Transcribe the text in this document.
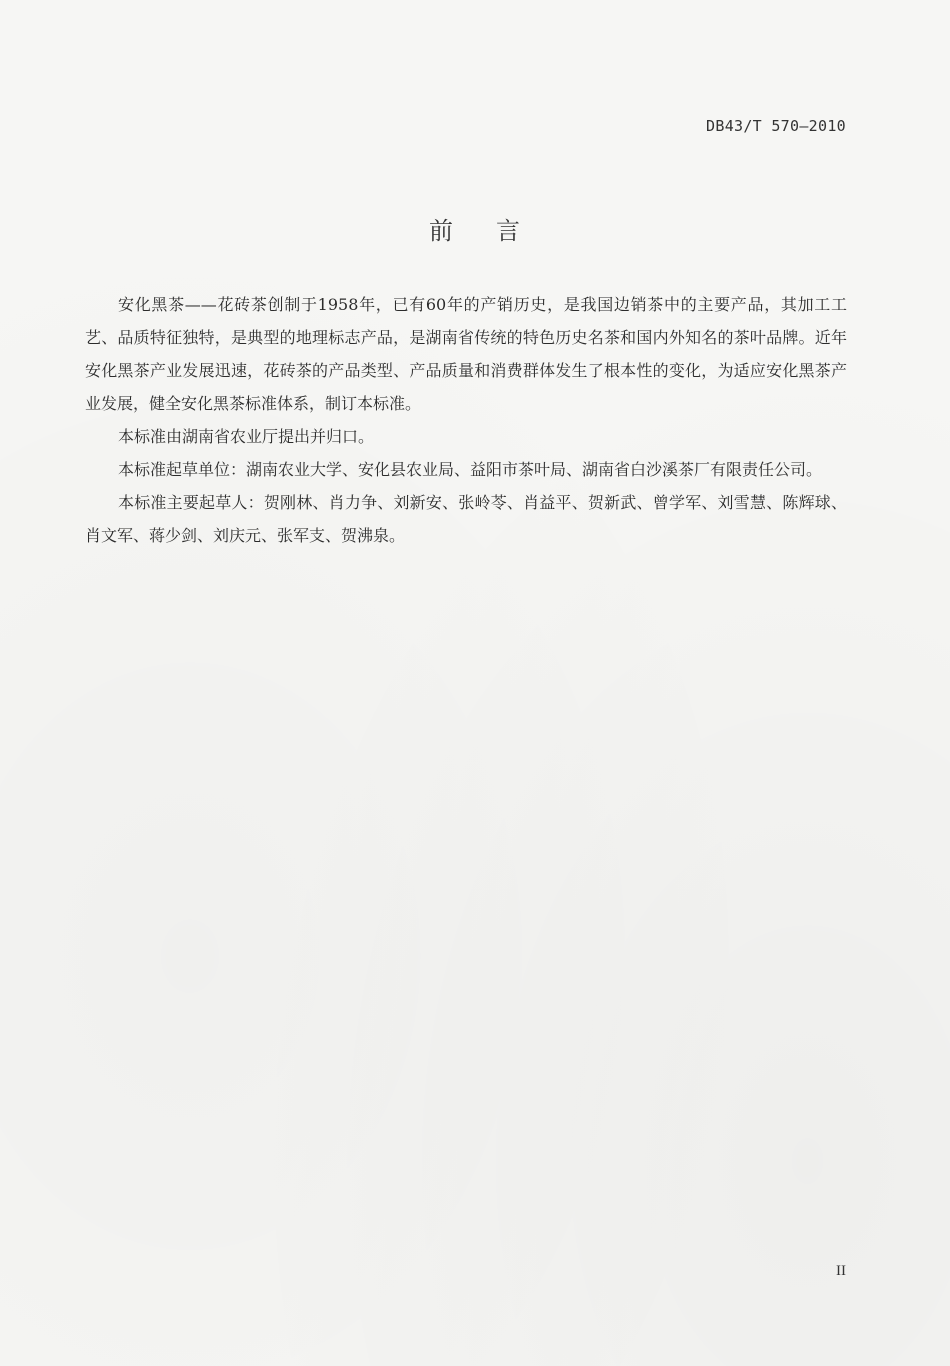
DB43/T 570—2010
前 言

安化黑茶——花砖茶创制于1958年，已有60年的产销历史，是我国边销茶中的主要产品，其加工工艺、品质特征独特，是典型的地理标志产品，是湖南省传统的特色历史名茶和国内外知名的茶叶品牌。近年安化黑茶产业发展迅速，花砖茶的产品类型、产品质量和消费群体发生了根本性的变化，为适应安化黑茶产业发展，健全安化黑茶标准体系，制订本标准。

本标准由湖南省农业厅提出并归口。

本标准起草单位：湖南农业大学、安化县农业局、益阳市茶叶局、湖南省白沙溪茶厂有限责任公司。

本标准主要起草人：贺刚林、肖力争、刘新安、张岭苓、肖益平、贺新武、曾学军、刘雪慧、陈辉球、肖文军、蒋少剑、刘庆元、张军支、贺沸泉。

II
